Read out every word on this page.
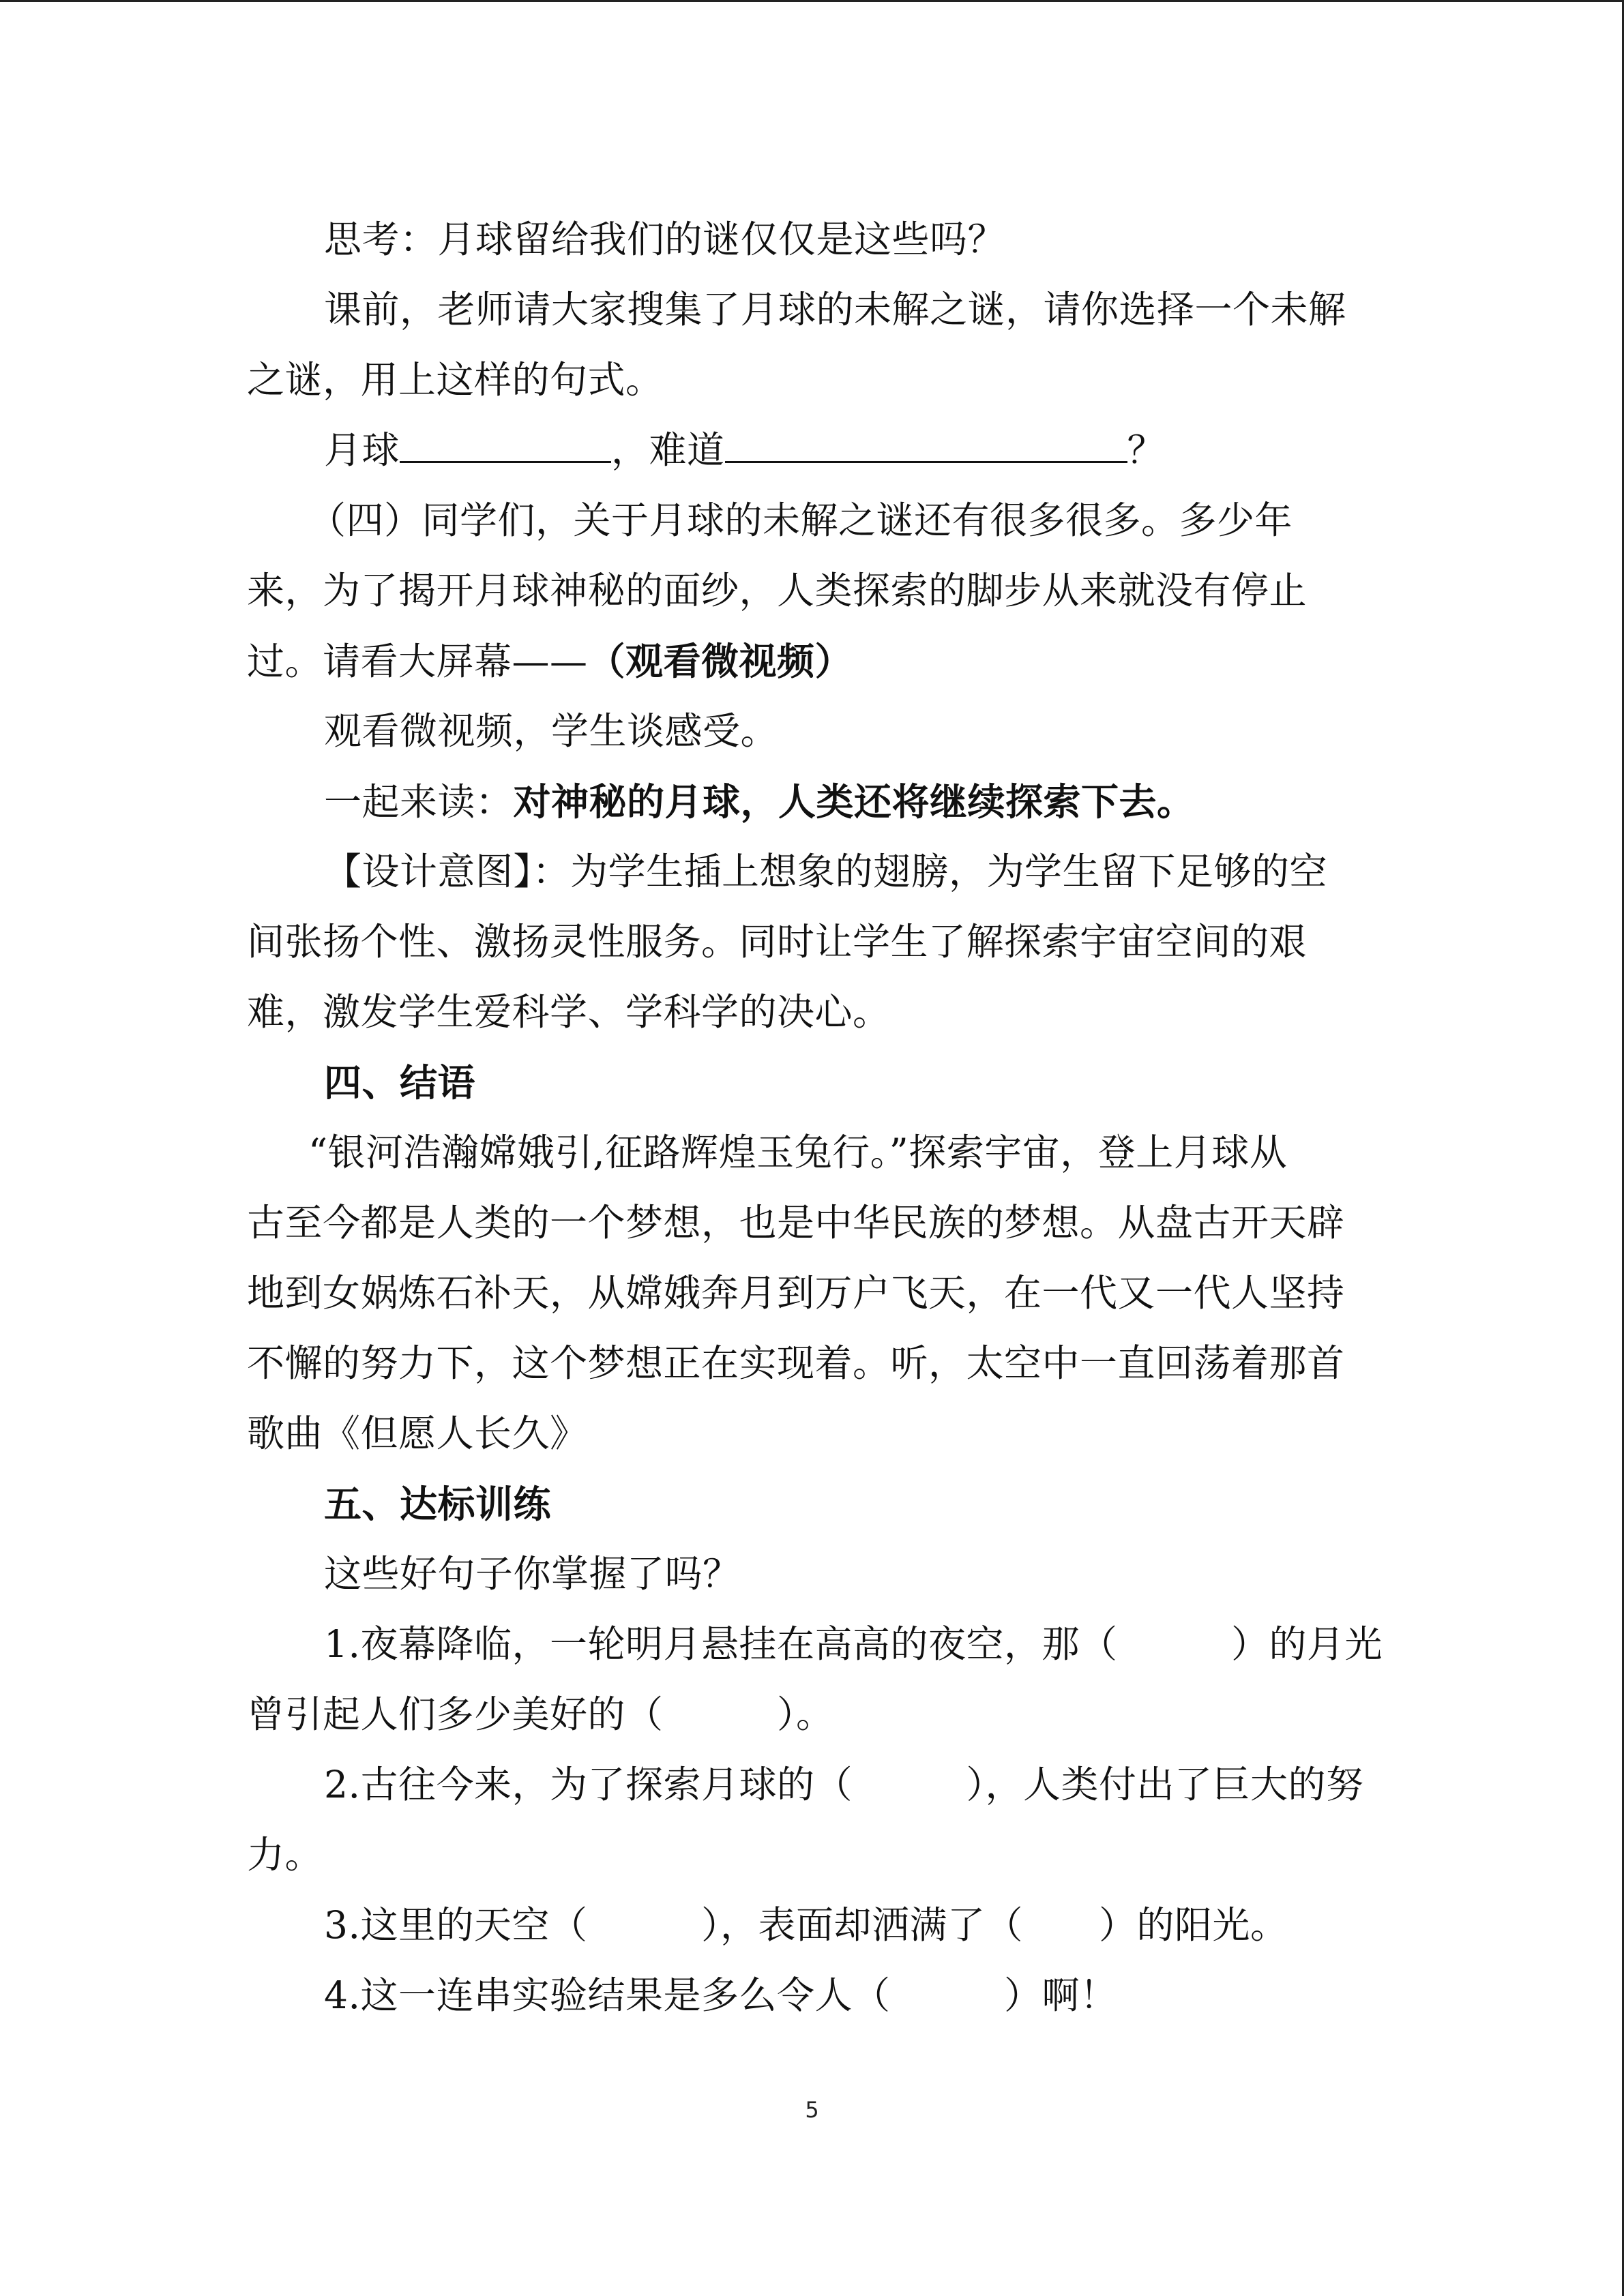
思考：月球留给我们的谜仅仅是这些吗？
课前，老师请大家搜集了月球的未解之谜，请你选择一个未解
之谜，用上这样的句式。
月球	，难道	？
（四）同学们，关于月球的未解之谜还有很多很多。多少年
来，为了揭开月球神秘的面纱，人类探索的脚步从来就没有停止
过。请看大屏幕——（观看微视频）
观看微视频，学生谈感受。
一起来读：对神秘的月球，人类还将继续探索下去。
【设计意图】：为学生插上想象的翅膀，为学生留下足够的空
间张扬个性、激扬灵性服务。同时让学生了解探索宇宙空间的艰
难，激发学生爱科学、学科学的决心。
四、结语
“银河浩瀚嫦娥引,征路辉煌玉兔行。”探索宇宙，登上月球从
古至今都是人类的一个梦想，也是中华民族的梦想。从盘古开天辟
地到女娲炼石补天，从嫦娥奔月到万户飞天，在一代又一代人坚持
不懈的努力下，这个梦想正在实现着。听，太空中一直回荡着那首
歌曲《但愿人长久》
五、达标训练
这些好句子你掌握了吗？
1.夜幕降临，一轮明月悬挂在高高的夜空，那（　　　）的月光
曾引起人们多少美好的（　　　）。
2.古往今来，为了探索月球的（　　　），人类付出了巨大的努
力。
3.这里的天空（　　　），表面却洒满了（　　）的阳光。
4.这一连串实验结果是多么令人（　　　）啊！
5
